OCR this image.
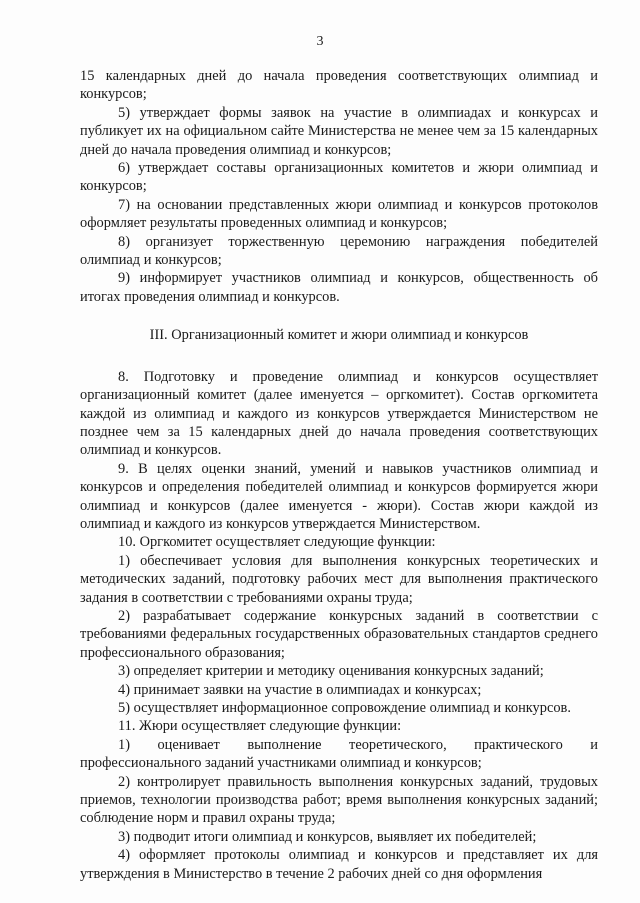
3

15 календарных дней до начала проведения соответствующих олимпиад и конкурсов;

5) утверждает формы заявок на участие в олимпиадах и конкурсах и публикует их на официальном сайте Министерства не менее чем за 15 календарных дней до начала проведения олимпиад и конкурсов;

6) утверждает составы организационных комитетов и жюри олимпиад и конкурсов;

7) на основании представленных жюри олимпиад и конкурсов протоколов оформляет результаты проведенных олимпиад и конкурсов;

8) организует торжественную церемонию награждения победителей олимпиад и конкурсов;

9) информирует участников олимпиад и конкурсов, общественность об итогах проведения олимпиад и конкурсов.

III. Организационный комитет и жюри олимпиад и конкурсов

8. Подготовку и проведение олимпиад и конкурсов осуществляет организационный комитет (далее именуется – оргкомитет). Состав оргкомитета каждой из олимпиад и каждого из конкурсов утверждается Министерством не позднее чем за 15 календарных дней до начала проведения соответствующих олимпиад и конкурсов.

9. В целях оценки знаний, умений и навыков участников олимпиад и конкурсов и определения победителей олимпиад и конкурсов формируется жюри олимпиад и конкурсов (далее именуется - жюри). Состав жюри каждой из олимпиад и каждого из конкурсов утверждается Министерством.

10. Оргкомитет осуществляет следующие функции:

1) обеспечивает условия для выполнения конкурсных теоретических и методических заданий, подготовку рабочих мест для выполнения практического задания в соответствии с требованиями охраны труда;

2) разрабатывает содержание конкурсных заданий в соответствии с требованиями федеральных государственных образовательных стандартов среднего профессионального образования;

3) определяет критерии и методику оценивания конкурсных заданий;

4) принимает заявки на участие в олимпиадах и конкурсах;

5) осуществляет информационное сопровождение олимпиад и конкурсов.

11. Жюри осуществляет следующие функции:

1) оценивает выполнение теоретического, практического и профессионального заданий участниками олимпиад и конкурсов;

2) контролирует правильность выполнения конкурсных заданий, трудовых приемов, технологии производства работ; время выполнения конкурсных заданий; соблюдение норм и правил охраны труда;

3) подводит итоги олимпиад и конкурсов, выявляет их победителей;

4) оформляет протоколы олимпиад и конкурсов и представляет их для утверждения в Министерство в течение 2 рабочих дней со дня оформления
